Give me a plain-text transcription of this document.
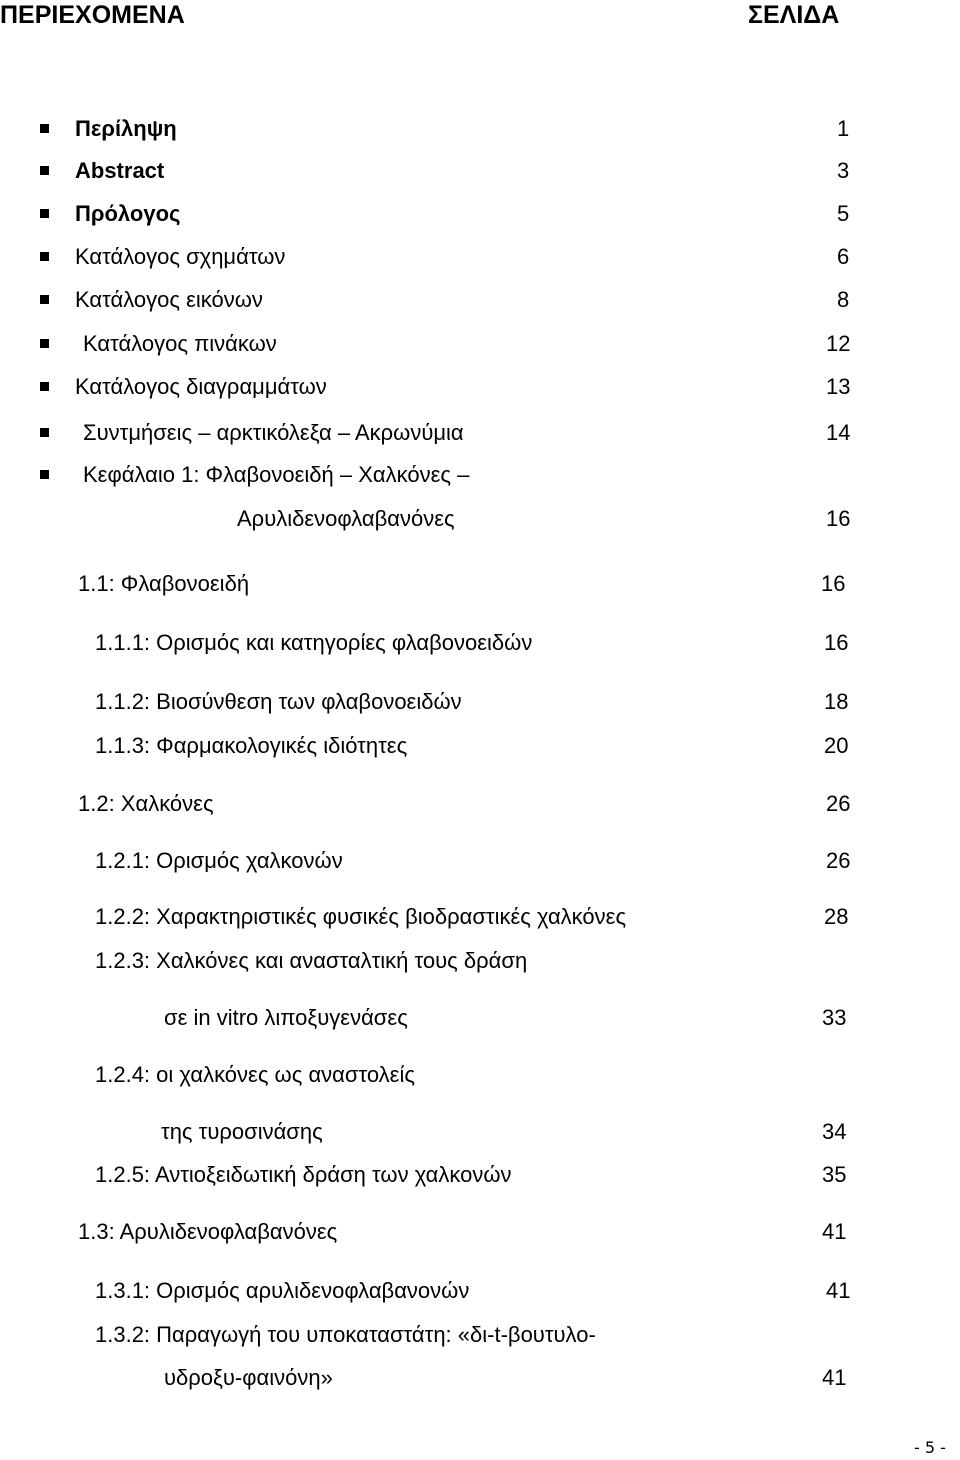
ΠΕΡΙΕΧΟΜΕΝΑ	ΣΕΛΙΔΑ
Περίληψη	1
Abstract	3
Πρόλογος	5
Κατάλογος σχημάτων	6
Κατάλογος εικόνων	8
Κατάλογος πινάκων	12
Κατάλογος διαγραμμάτων	13
Συντμήσεις – αρκτικόλεξα – Ακρωνύμια	14
Κεφάλαιο 1: Φλαβονοειδή – Χαλκόνες –
Αρυλιδενοφλαβανόνες	16
1.1: Φλαβονοειδή	16
1.1.1: Ορισμός και κατηγορίες φλαβονοειδών	16
1.1.2: Βιοσύνθεση των φλαβονοειδών	18
1.1.3: Φαρμακολογικές ιδιότητες	20
1.2: Χαλκόνες	26
1.2.1: Ορισμός χαλκονών	26
1.2.2: Χαρακτηριστικές φυσικές βιοδραστικές χαλκόνες	28
1.2.3: Χαλκόνες και ανασταλτική τους δράση
σε in vitro λιποξυγενάσες	33
1.2.4: οι χαλκόνες ως αναστολείς
της τυροσινάσης	34
1.2.5: Αντιοξειδωτική δράση των χαλκονών	35
1.3: Αρυλιδενοφλαβανόνες	41
1.3.1: Ορισμός αρυλιδενοφλαβανονών	41
1.3.2: Παραγωγή του υποκαταστάτη: «δι-t-βουτυλο-
υδροξυ-φαινόνη»	41
- 5 -
